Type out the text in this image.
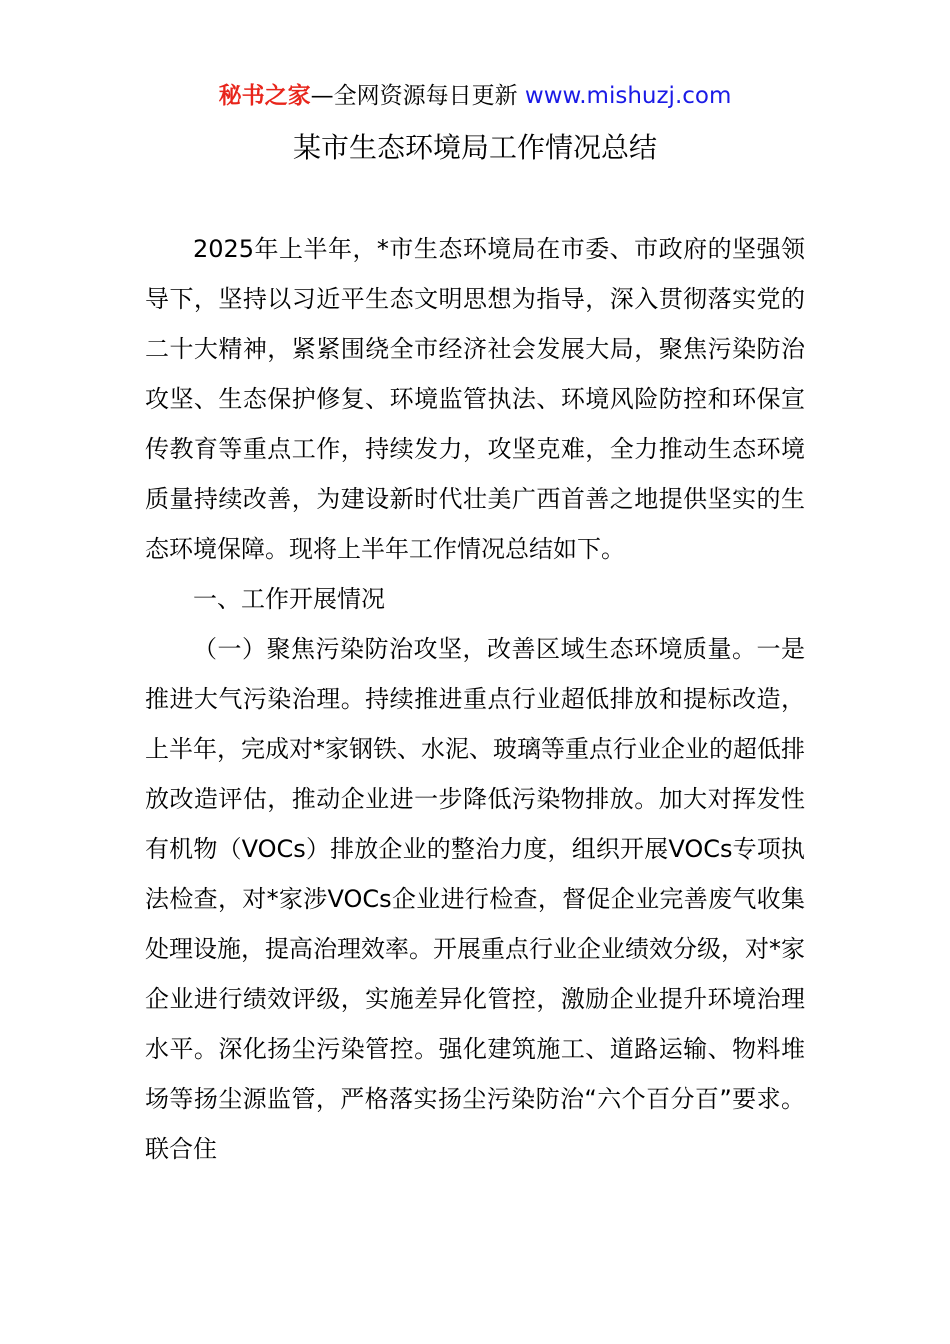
秘书之家—全网资源每日更新 www.mishuzj.com
某市生态环境局工作情况总结

2025年上半年，*市生态环境局在市委、市政府的坚强领导下，坚持以习近平生态文明思想为指导，深入贯彻落实党的二十大精神，紧紧围绕全市经济社会发展大局，聚焦污染防治攻坚、生态保护修复、环境监管执法、环境风险防控和环保宣传教育等重点工作，持续发力，攻坚克难，全力推动生态环境质量持续改善，为建设新时代壮美广西首善之地提供坚实的生态环境保障。现将上半年工作情况总结如下。

一、工作开展情况

（一）聚焦污染防治攻坚，改善区域生态环境质量。一是推进大气污染治理。持续推进重点行业超低排放和提标改造，上半年，完成对*家钢铁、水泥、玻璃等重点行业企业的超低排放改造评估，推动企业进一步降低污染物排放。加大对挥发性有机物（VOCs）排放企业的整治力度，组织开展VOCs专项执法检查，对*家涉VOCs企业进行检查，督促企业完善废气收集处理设施，提高治理效率。开展重点行业企业绩效分级，对*家企业进行绩效评级，实施差异化管控，激励企业提升环境治理水平。深化扬尘污染管控。强化建筑施工、道路运输、物料堆场等扬尘源监管，严格落实扬尘污染防治“六个百分百”要求。联合住
